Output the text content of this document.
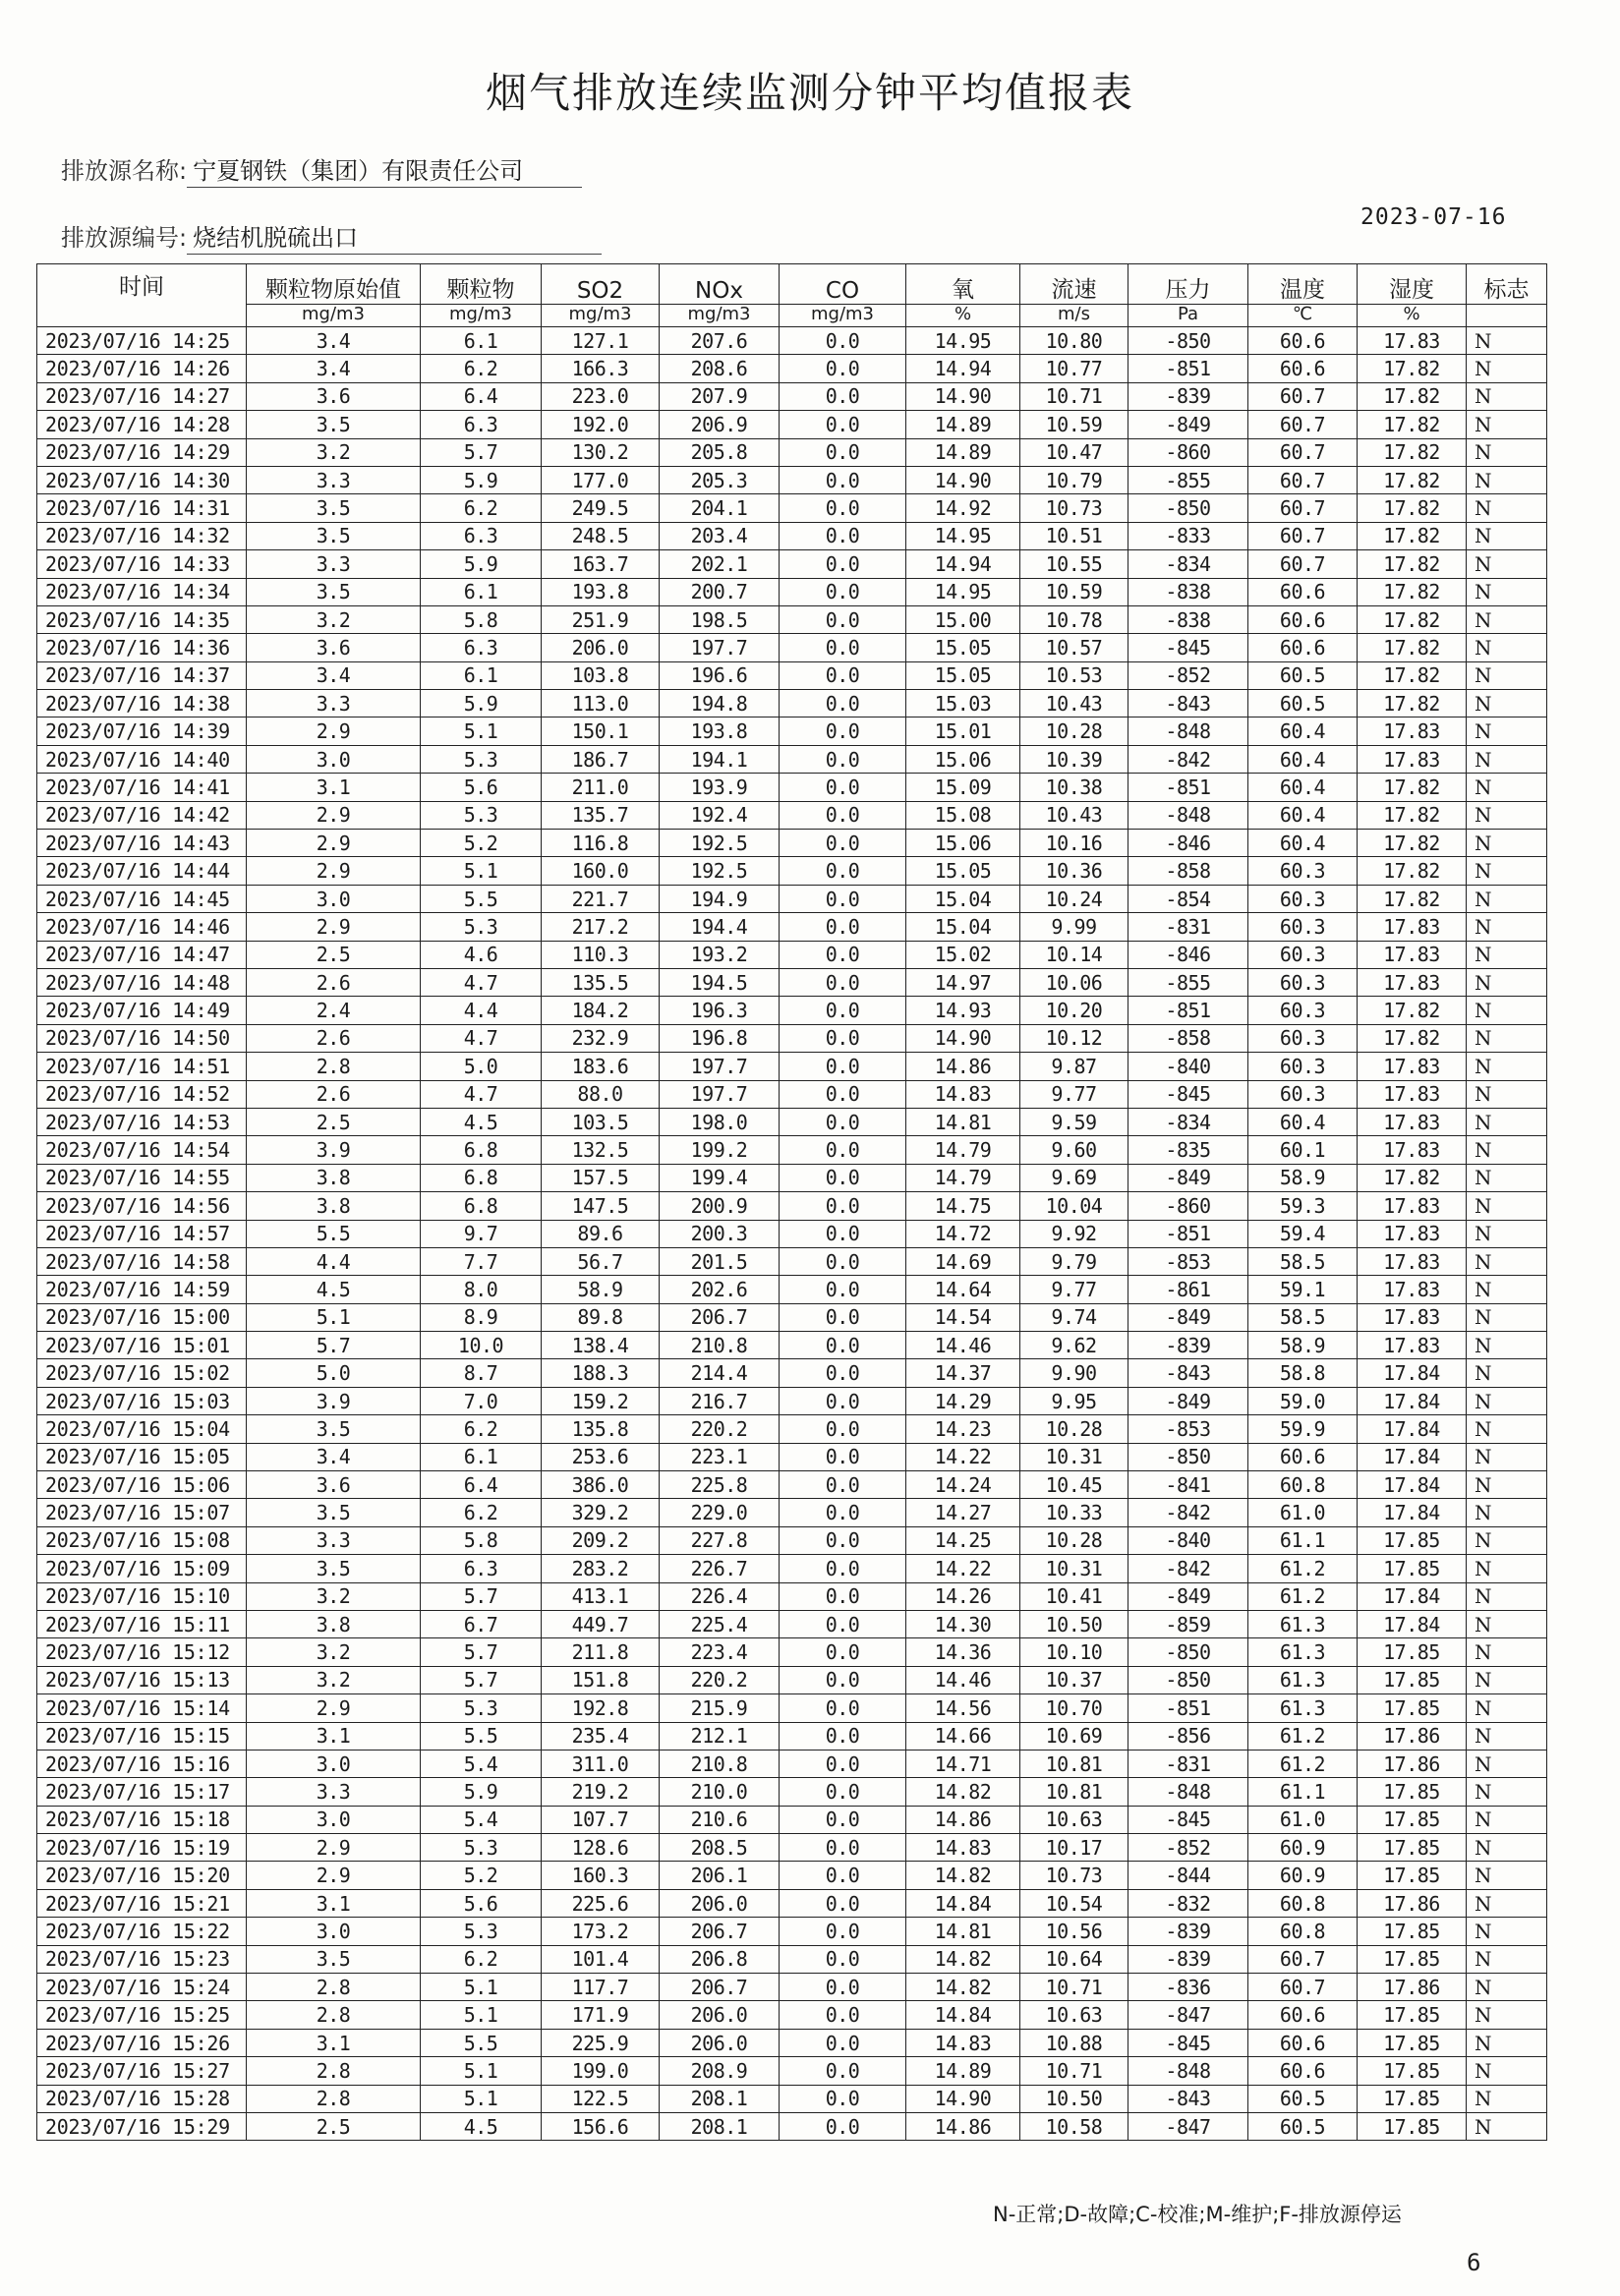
烟气排放连续监测分钟平均值报表
排放源名称: 宁夏钢铁（集团）有限责任公司
排放源编号: 烧结机脱硫出口
2023-07-16
时间	颗粒物原始值	颗粒物	SO2	NOx	CO	氧	流速	压力	温度	湿度	标志
	mg/m3	mg/m3	mg/m3	mg/m3	mg/m3	%	m/s	Pa	℃	%	
2023/07/16 14:25	3.4	6.1	127.1	207.6	0.0	14.95	10.80	-850	60.6	17.83	N
2023/07/16 14:26	3.4	6.2	166.3	208.6	0.0	14.94	10.77	-851	60.6	17.82	N
2023/07/16 14:27	3.6	6.4	223.0	207.9	0.0	14.90	10.71	-839	60.7	17.82	N
2023/07/16 14:28	3.5	6.3	192.0	206.9	0.0	14.89	10.59	-849	60.7	17.82	N
2023/07/16 14:29	3.2	5.7	130.2	205.8	0.0	14.89	10.47	-860	60.7	17.82	N
2023/07/16 14:30	3.3	5.9	177.0	205.3	0.0	14.90	10.79	-855	60.7	17.82	N
2023/07/16 14:31	3.5	6.2	249.5	204.1	0.0	14.92	10.73	-850	60.7	17.82	N
2023/07/16 14:32	3.5	6.3	248.5	203.4	0.0	14.95	10.51	-833	60.7	17.82	N
2023/07/16 14:33	3.3	5.9	163.7	202.1	0.0	14.94	10.55	-834	60.7	17.82	N
2023/07/16 14:34	3.5	6.1	193.8	200.7	0.0	14.95	10.59	-838	60.6	17.82	N
2023/07/16 14:35	3.2	5.8	251.9	198.5	0.0	15.00	10.78	-838	60.6	17.82	N
2023/07/16 14:36	3.6	6.3	206.0	197.7	0.0	15.05	10.57	-845	60.6	17.82	N
2023/07/16 14:37	3.4	6.1	103.8	196.6	0.0	15.05	10.53	-852	60.5	17.82	N
2023/07/16 14:38	3.3	5.9	113.0	194.8	0.0	15.03	10.43	-843	60.5	17.82	N
2023/07/16 14:39	2.9	5.1	150.1	193.8	0.0	15.01	10.28	-848	60.4	17.83	N
2023/07/16 14:40	3.0	5.3	186.7	194.1	0.0	15.06	10.39	-842	60.4	17.83	N
2023/07/16 14:41	3.1	5.6	211.0	193.9	0.0	15.09	10.38	-851	60.4	17.82	N
2023/07/16 14:42	2.9	5.3	135.7	192.4	0.0	15.08	10.43	-848	60.4	17.82	N
2023/07/16 14:43	2.9	5.2	116.8	192.5	0.0	15.06	10.16	-846	60.4	17.82	N
2023/07/16 14:44	2.9	5.1	160.0	192.5	0.0	15.05	10.36	-858	60.3	17.82	N
2023/07/16 14:45	3.0	5.5	221.7	194.9	0.0	15.04	10.24	-854	60.3	17.82	N
2023/07/16 14:46	2.9	5.3	217.2	194.4	0.0	15.04	9.99	-831	60.3	17.83	N
2023/07/16 14:47	2.5	4.6	110.3	193.2	0.0	15.02	10.14	-846	60.3	17.83	N
2023/07/16 14:48	2.6	4.7	135.5	194.5	0.0	14.97	10.06	-855	60.3	17.83	N
2023/07/16 14:49	2.4	4.4	184.2	196.3	0.0	14.93	10.20	-851	60.3	17.82	N
2023/07/16 14:50	2.6	4.7	232.9	196.8	0.0	14.90	10.12	-858	60.3	17.82	N
2023/07/16 14:51	2.8	5.0	183.6	197.7	0.0	14.86	9.87	-840	60.3	17.83	N
2023/07/16 14:52	2.6	4.7	88.0	197.7	0.0	14.83	9.77	-845	60.3	17.83	N
2023/07/16 14:53	2.5	4.5	103.5	198.0	0.0	14.81	9.59	-834	60.4	17.83	N
2023/07/16 14:54	3.9	6.8	132.5	199.2	0.0	14.79	9.60	-835	60.1	17.83	N
2023/07/16 14:55	3.8	6.8	157.5	199.4	0.0	14.79	9.69	-849	58.9	17.82	N
2023/07/16 14:56	3.8	6.8	147.5	200.9	0.0	14.75	10.04	-860	59.3	17.83	N
2023/07/16 14:57	5.5	9.7	89.6	200.3	0.0	14.72	9.92	-851	59.4	17.83	N
2023/07/16 14:58	4.4	7.7	56.7	201.5	0.0	14.69	9.79	-853	58.5	17.83	N
2023/07/16 14:59	4.5	8.0	58.9	202.6	0.0	14.64	9.77	-861	59.1	17.83	N
2023/07/16 15:00	5.1	8.9	89.8	206.7	0.0	14.54	9.74	-849	58.5	17.83	N
2023/07/16 15:01	5.7	10.0	138.4	210.8	0.0	14.46	9.62	-839	58.9	17.83	N
2023/07/16 15:02	5.0	8.7	188.3	214.4	0.0	14.37	9.90	-843	58.8	17.84	N
2023/07/16 15:03	3.9	7.0	159.2	216.7	0.0	14.29	9.95	-849	59.0	17.84	N
2023/07/16 15:04	3.5	6.2	135.8	220.2	0.0	14.23	10.28	-853	59.9	17.84	N
2023/07/16 15:05	3.4	6.1	253.6	223.1	0.0	14.22	10.31	-850	60.6	17.84	N
2023/07/16 15:06	3.6	6.4	386.0	225.8	0.0	14.24	10.45	-841	60.8	17.84	N
2023/07/16 15:07	3.5	6.2	329.2	229.0	0.0	14.27	10.33	-842	61.0	17.84	N
2023/07/16 15:08	3.3	5.8	209.2	227.8	0.0	14.25	10.28	-840	61.1	17.85	N
2023/07/16 15:09	3.5	6.3	283.2	226.7	0.0	14.22	10.31	-842	61.2	17.85	N
2023/07/16 15:10	3.2	5.7	413.1	226.4	0.0	14.26	10.41	-849	61.2	17.84	N
2023/07/16 15:11	3.8	6.7	449.7	225.4	0.0	14.30	10.50	-859	61.3	17.84	N
2023/07/16 15:12	3.2	5.7	211.8	223.4	0.0	14.36	10.10	-850	61.3	17.85	N
2023/07/16 15:13	3.2	5.7	151.8	220.2	0.0	14.46	10.37	-850	61.3	17.85	N
2023/07/16 15:14	2.9	5.3	192.8	215.9	0.0	14.56	10.70	-851	61.3	17.85	N
2023/07/16 15:15	3.1	5.5	235.4	212.1	0.0	14.66	10.69	-856	61.2	17.86	N
2023/07/16 15:16	3.0	5.4	311.0	210.8	0.0	14.71	10.81	-831	61.2	17.86	N
2023/07/16 15:17	3.3	5.9	219.2	210.0	0.0	14.82	10.81	-848	61.1	17.85	N
2023/07/16 15:18	3.0	5.4	107.7	210.6	0.0	14.86	10.63	-845	61.0	17.85	N
2023/07/16 15:19	2.9	5.3	128.6	208.5	0.0	14.83	10.17	-852	60.9	17.85	N
2023/07/16 15:20	2.9	5.2	160.3	206.1	0.0	14.82	10.73	-844	60.9	17.85	N
2023/07/16 15:21	3.1	5.6	225.6	206.0	0.0	14.84	10.54	-832	60.8	17.86	N
2023/07/16 15:22	3.0	5.3	173.2	206.7	0.0	14.81	10.56	-839	60.8	17.85	N
2023/07/16 15:23	3.5	6.2	101.4	206.8	0.0	14.82	10.64	-839	60.7	17.85	N
2023/07/16 15:24	2.8	5.1	117.7	206.7	0.0	14.82	10.71	-836	60.7	17.86	N
2023/07/16 15:25	2.8	5.1	171.9	206.0	0.0	14.84	10.63	-847	60.6	17.85	N
2023/07/16 15:26	3.1	5.5	225.9	206.0	0.0	14.83	10.88	-845	60.6	17.85	N
2023/07/16 15:27	2.8	5.1	199.0	208.9	0.0	14.89	10.71	-848	60.6	17.85	N
2023/07/16 15:28	2.8	5.1	122.5	208.1	0.0	14.90	10.50	-843	60.5	17.85	N
2023/07/16 15:29	2.5	4.5	156.6	208.1	0.0	14.86	10.58	-847	60.5	17.85	N
N-正常;D-故障;C-校准;M-维护;F-排放源停运
6
